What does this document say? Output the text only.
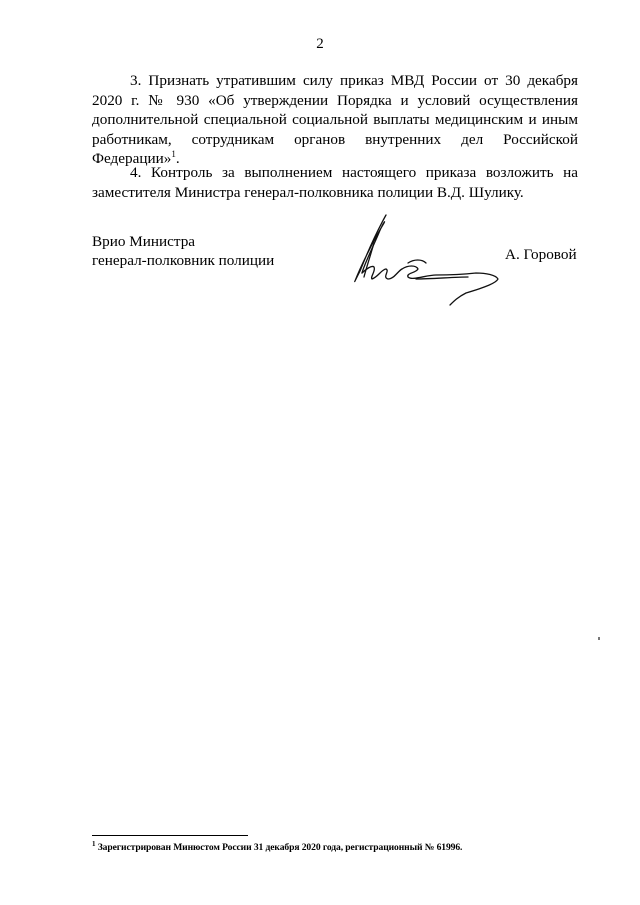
2

3. Признать утратившим силу приказ МВД России от 30 декабря 2020 г. № 930 «Об утверждении Порядка и условий осуществления дополнительной специальной социальной выплаты медицинским и иным работникам, сотрудникам органов внутренних дел Российской Федерации»$^1$.

4. Контроль за выполнением настоящего приказа возложить на заместителя Министра генерал-полковника полиции В.Д. Шулику.

Врио Министра
генерал-полковник полиции	А. Горовой
$^1$ Зарегистрирован Минюстом России 31 декабря 2020 года, регистрационный № 61996.
